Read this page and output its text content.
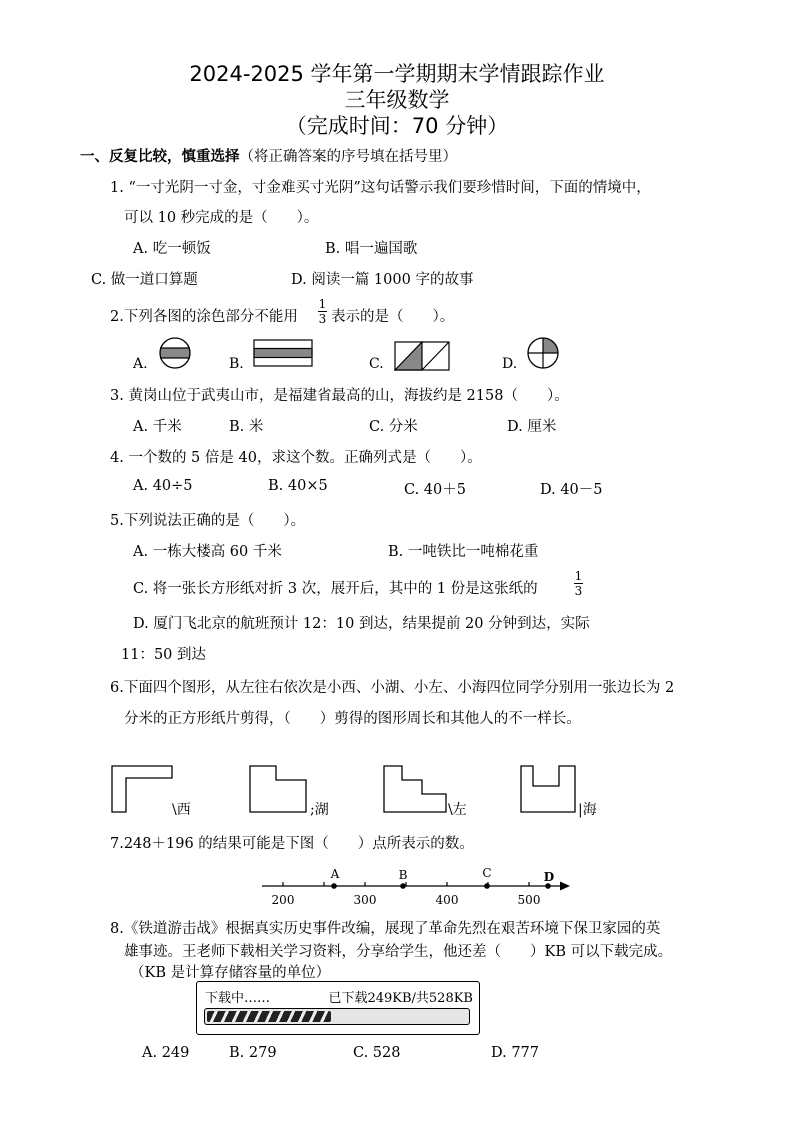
2024-2025 学年第一学期期末学情跟踪作业
三年级数学
（完成时间：70 分钟）
一、反复比较，慎重选择（将正确答案的序号填在括号里）
1. “一寸光阴一寸金，寸金难买寸光阴”这句话警示我们要珍惜时间，下面的情境中，
可以 10 秒完成的是（　　）。
A. 吃一顿饭	B. 唱一遍国歌
C. 做一道口算题	D. 阅读一篇 1000 字的故事
2.下列各图的涂色部分不能用
1
3 表示的是（　　）。
A.	B.	C.	D.
3. 黄岗山位于武夷山市，是福建省最高的山，海拔约是 2158（　　）。
A. 千米	B. 米	C. 分米	D. 厘米
4. 一个数的 5 倍是 40，求这个数。正确列式是（　　）。
A. 40÷5	B. 40×5	C. 40＋5	D. 40－5
5.下列说法正确的是（　　）。
A. 一栋大楼高 60 千米	B. 一吨铁比一吨棉花重
C. 将一张长方形纸对折 3 次，展开后，其中的 1 份是这张纸的
1
3
D. 厦门飞北京的航班预计 12：10 到达，结果提前 20 分钟到达，实际
11：50 到达
6.下面四个图形，从左往右依次是小西、小湖、小左、小海四位同学分别用一张边长为 2
分米的正方形纸片剪得，（　　）剪得的图形周长和其他人的不一样长。
\西	;湖	\左	|海
7.248＋196 的结果可能是下图（　　）点所表示的数。
200	300	400	500
A	B	C	D
8.《铁道游击战》根据真实历史事件改编，展现了革命先烈在艰苦环境下保卫家园的英
雄事迹。王老师下载相关学习资料，分享给学生，他还差（　　）KB 可以下载完成。
（KB 是计算存储容量的单位）
下载中……	已下载249KB/共528KB
A. 249	B. 279	C. 528	D. 777
